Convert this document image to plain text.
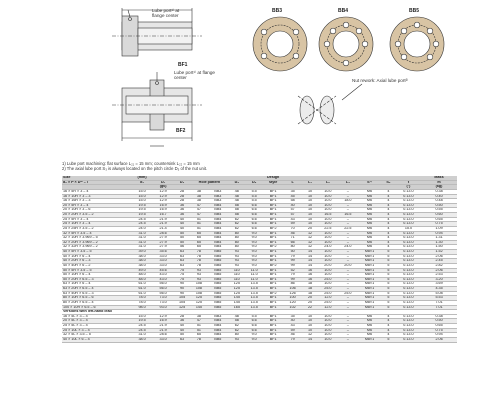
Lube port¹⁾ at
flange center
Lube port¹⁾ at flange
center
BF1
BF2
BB3	BB4	BB5
Nut rework: Axial lube port²⁾
1) Lube port machining: flat surface L₂₁ = 15 mm; countersink L₂₂ = 15 mm
2) The axial lube port S₃ is always located on the pitch circle D₅ of the nut unit.
Size	(mm)							Design								Mass
d₀ × P × Dᵂ – i	d₁	D₁	D₂	Hole pattern		D₃	D₄	style	L	L₁	L₂	L₃	S¹⁾	S₃	t	m
		(g6)													(°)	(kg)
16 × 5R × 3 – 4	15.0	12.9	28	38	BB3	48	5.5	BF1	35	10	10.0	–	M6	4	0.13.0	0.38
16 × 10R × 3 – 3	15.0	12.9	28	38	BB3	48	5.5	BF1	45	10	10.0	–	M6	4	0.13.0	0.40
16 × 16R × 3 – 3	15.0	12.9	28	38	BB3	48	5.5	BF1	58	10	10.0	18.0	M6	4	0.13.0	0.48
20 × 5R × 3 – 4	19.5	16.9	36	47	BB4	58	6.6	BF1	40	10	10.0	–	M6	4	0.13.0	0.50
20 × 10R × 3 – 6	19.5	16.9	36	47	BB4	58	6.6	BF1	57	10	10.0	–	M6	4	0.13.0	0.55
20 × 20R × 3.5 – 2	19.5	16.7	36	47	BB4	58	6.6	BF1	57	10	16.5	16.5	M6	4	0.13.0	0.60
25 × 5R × 3 – 4	24.5	21.9	40	51	BB4	62	6.6	BF1	43	10	10.0	–	M6	4	0.13.0	0.65
25 × 10R × 3 – 4	24.5	21.9	40	51	BB4	62	6.6	BF1	59	10	10.0	–	M6	4	0.13.0	0.75
25 × 25R × 3.5 – 2	24.0	21.4	40	51	BB4	62	6.6	BF2	70	20	22.5	22.5	M6	4	15.0	1.09
32 × 5R × 3.5 – 4	31.0	28.6	50	65	BB4	80	9.0	BF1	46	12	10.0	–	M6	4	0.13.0	0.94
32 × 10R × 3.969 – 5	31.0	27.9	50	65	BB4	80	9.0	BF1	71	12	10.0	–	M6	4	0.13.0	1.31
32 × 20R × 3.969 – 2	31.0	27.9	50	65	BB4	80	9.0	BF1	66	12	10.0	–	M6	4	0.13.0	1.30
32 × 32R × 3.969 – 2	31.0	27.9	56	65	BB4	80	9.0	BF2	80	12	24.0	24.0	M6	4	0.13.0	1.50
40 × 5R × 3.5 – 5	39.0	35.6	63	78	BB5	93	9.0	BF1	50	14	10.0	–	M8×1	5	0.13.0	1.52
40 × 10R × 6 – 4	38.0	33.0	63	78	BB5	93	9.0	BF1	79	14	10.0	–	M8×1	5	0.13.0	2.06
40 × 20R × 6 – 3	38.0	33.0	63	78	BB5	93	9.0	BF1	99	14	10.0	–	M8×1	5	0.13.0	2.45
40 × 40R × 6 – 2	38.0	33.0	63	78	BB5	93	9.0	BF2	99	14	20.0	20.0	M8×1	5	0.13.0	2.82
50 × 5R × 3.5 – 5	49.0	45.6	75	93	BB5	110	11.0	BF1	52	16	10.0	–	M8×1	5	0.13.0	2.06
50 × 10R × 6 – 4	48.0	43.0	75	93	BB5	110	11.0	BF1	79	16	10.0	–	M8×1	5	0.13.0	2.53
50 × 20R × 6.5 – 3	48.0	43.0	75	93	BB5	110	11.0	BF1	99	16	25.0	–	M8×1	5	0.13.0	3.20
63 × 10R × 6 – 4	61.0	56.0	90	108	BB5	125	13.5	BF1	86	18	10.0	–	M8×1	5	0.13.0	3.69
63 × 20R × 6.5 – 4	61.0	56.0	90	108	BB5	125	13.5	BF1	106	18	25.0	–	M8×1	5	0.13.0	4.35
63 × 40R × 6.5 – 3	61.0	56.0	90	108	BB5	125	13.5	BF2	126	18	25.0	25.0	M8×1	5	0.13.0	5.08
80 × 10R × 6.5 – 6	78.0	73.0	105	125	BB5	145	13.5	BF1	100	20	12.0	–	M8×1	5	0.13.0	5.53
80 × 20R × 6.5 – 4	78.0	73.0	105	125	BB5	145	13.5	BF1	120	20	25.0	–	M8×1	5	0.13.0	7.01
100 × 10R × 6.5 – 6	98.0	93.0	125	145	BB5	165	13.5	BF1	102	22	12.0	–	M8×1	5	0.13.0	7.01
Versions with left-hand lead																
16 × 5L × 3 – 4	15.0	12.9	28	38	BB3	48	5.5	BF1	35	10	10.0	–	M6	4	0.13.0	0.38
20 × 5L × 3 – 4	19.5	16.9	36	47	BB4	58	6.6	BF1	40	10	10.0	–	M6	4	0.13.0	0.50
25 × 5L × 3 – 4	24.5	21.9	40	51	BB4	62	6.6	BF1	43	10	10.0	–	M6	4	0.13.0	0.65
25 × 10L × 3 – 4	24.5	21.9	40	51	BB4	62	6.6	BF1	59	10	10.0	–	M6	4	0.13.0	0.75
32 × 5L × 3.5 – 5	31.0	28.6	50	65	BB4	80	9.0	BF1	46	12	10.0	–	M6	4	0.13.0	0.94
40 × 10L × 6 – 4	38.0	33.0	63	78	BB5	93	9.0	BF1	79	14	10.0	–	M8×1	5	0.13.0	2.06
